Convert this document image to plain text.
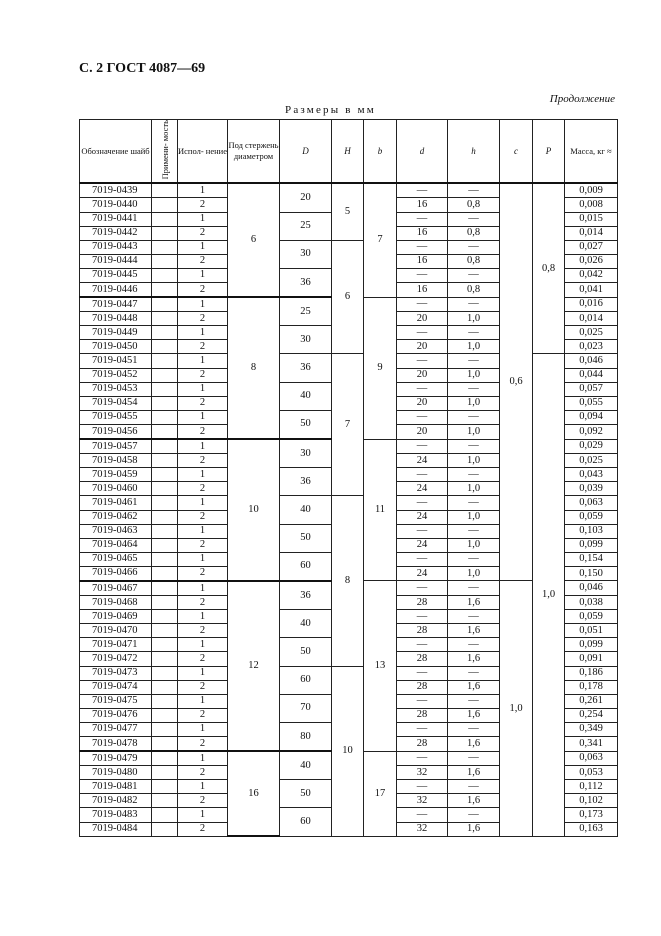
С. 2 ГОСТ 4087—69
Продолжение
Размеры в мм
Обозначение шайб	Примени- мость	Испол- нение	Под стержень диаметром	D	H	b	d	h	c	P	Масса, кг ≈
7019-0439		1	6	20	5	7	—	—	0,6	0,8	0,009
7019-0440		2					16	0,8			0,008
7019-0441		1		25			—	—			0,015
7019-0442		2					16	0,8			0,014
7019-0443		1		30	6		—	—			0,027
7019-0444		2					16	0,8			0,026
7019-0445		1		36			—	—			0,042
7019-0446		2					16	0,8			0,041
7019-0447		1	8	25		9	—	—			0,016
7019-0448		2					20	1,0			0,014
7019-0449		1		30			—	—			0,025
7019-0450		2					20	1,0			0,023
7019-0451		1		36	7		—	—		1,0	0,046
7019-0452		2					20	1,0			0,044
7019-0453		1		40			—	—			0,057
7019-0454		2					20	1,0			0,055
7019-0455		1		50			—	—			0,094
7019-0456		2					20	1,0			0,092
7019-0457		1	10	30		11	—	—			0,029
7019-0458		2					24	1,0			0,025
7019-0459		1		36			—	—			0,043
7019-0460		2					24	1,0			0,039
7019-0461		1		40	8		—	—			0,063
7019-0462		2					24	1,0			0,059
7019-0463		1		50			—	—			0,103
7019-0464		2					24	1,0			0,099
7019-0465		1		60			—	—			0,154
7019-0466		2					24	1,0			0,150
7019-0467		1	12	36		13	—	—	1,0		0,046
7019-0468		2					28	1,6			0,038
7019-0469		1		40			—	—			0,059
7019-0470		2					28	1,6			0,051
7019-0471		1		50			—	—			0,099
7019-0472		2					28	1,6			0,091
7019-0473		1		60	10		—	—			0,186
7019-0474		2					28	1,6			0,178
7019-0475		1		70			—	—			0,261
7019-0476		2					28	1,6			0,254
7019-0477		1		80			—	—			0,349
7019-0478		2					28	1,6			0,341
7019-0479		1	16	40		17	—	—			0,063
7019-0480		2					32	1,6			0,053
7019-0481		1		50			—	—			0,112
7019-0482		2					32	1,6			0,102
7019-0483		1		60			—	—			0,173
7019-0484		2					32	1,6			0,163
